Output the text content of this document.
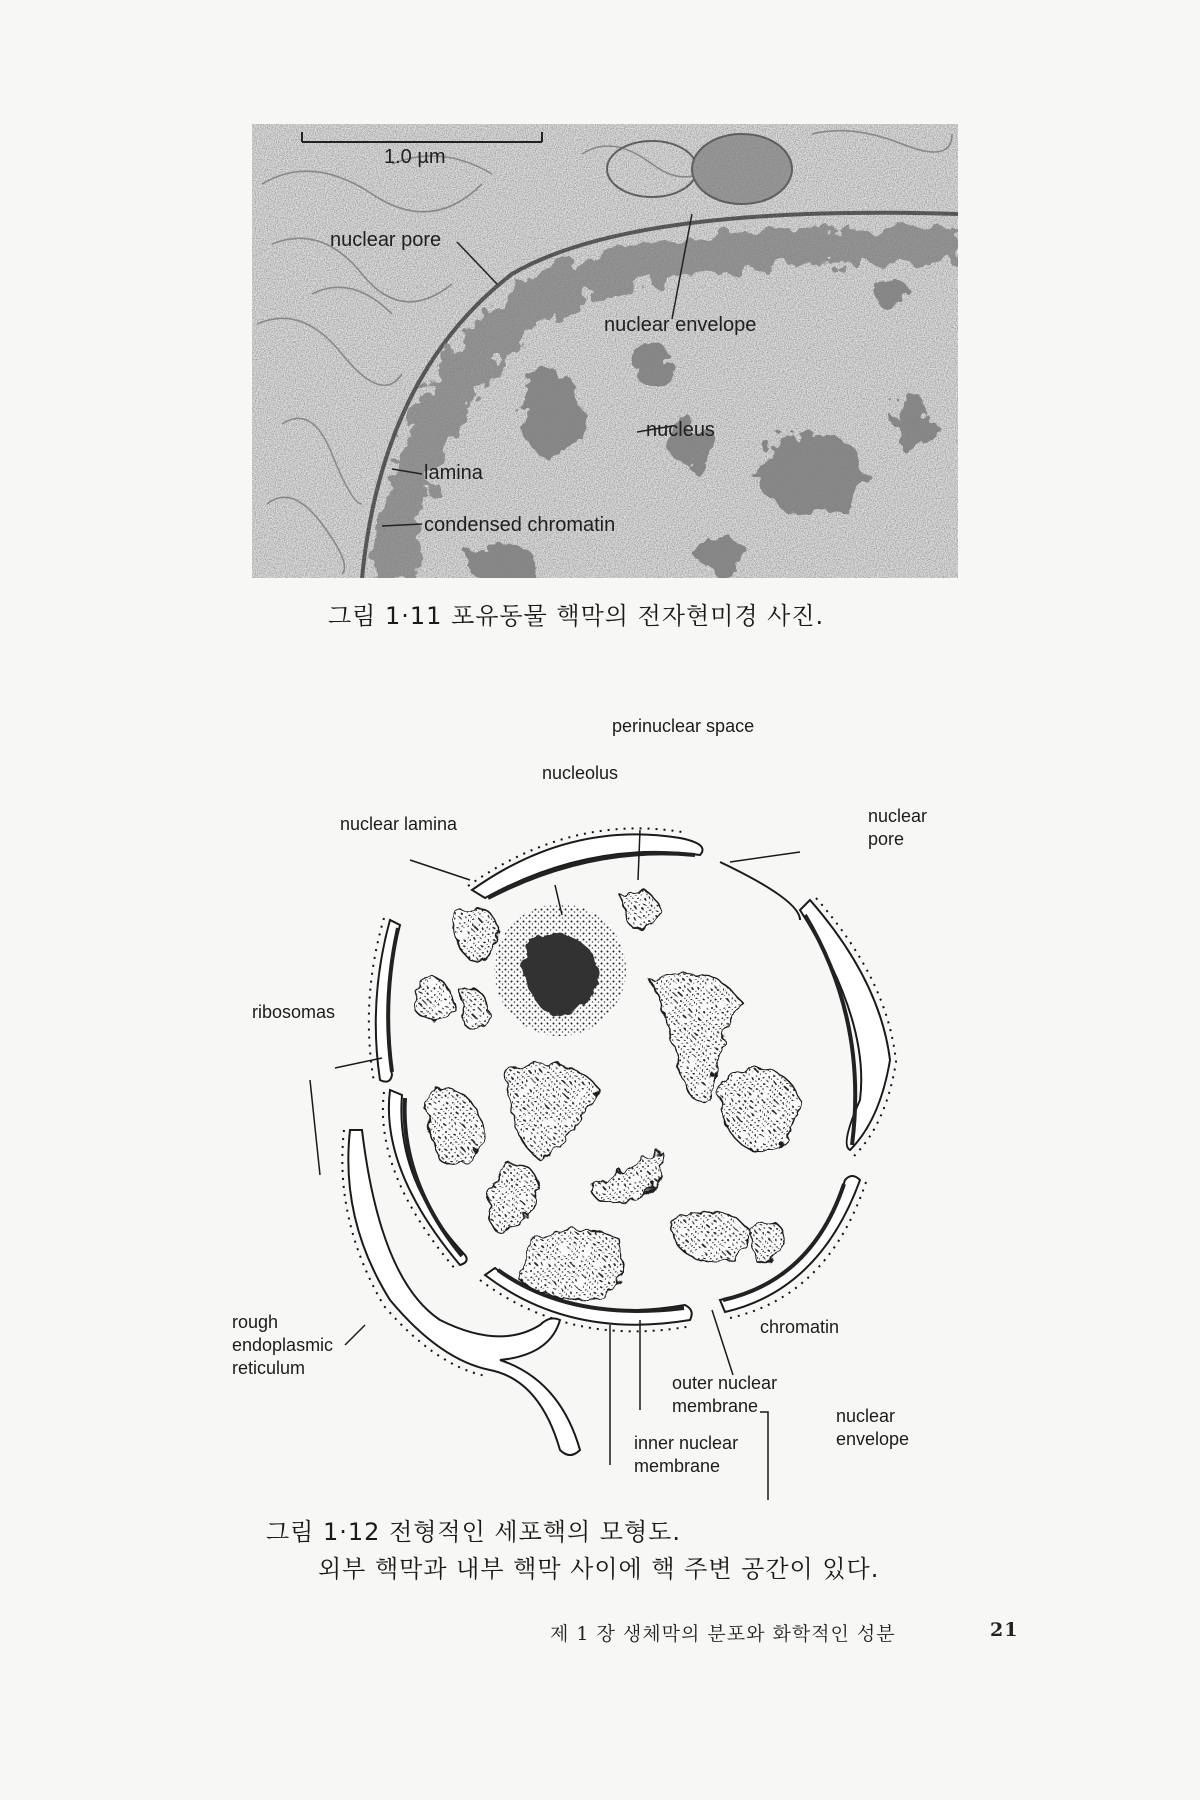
1.0 µm
nuclear pore
nuclear envelope
nucleus
lamina
condensed chromatin
그림 1·11 포유동물 핵막의 전자현미경 사진.
perinuclear space
nucleolus
nuclear lamina	nuclear
pore
ribosomas
rough
endoplasmic
reticulum
chromatin
outer nuclear
membrane
inner nuclear
membrane
nuclear
envelope
그림 1·12 전형적인 세포핵의 모형도.
외부 핵막과 내부 핵막 사이에 핵 주변 공간이 있다.
제 1 장 생체막의 분포와 화학적인 성분	21
